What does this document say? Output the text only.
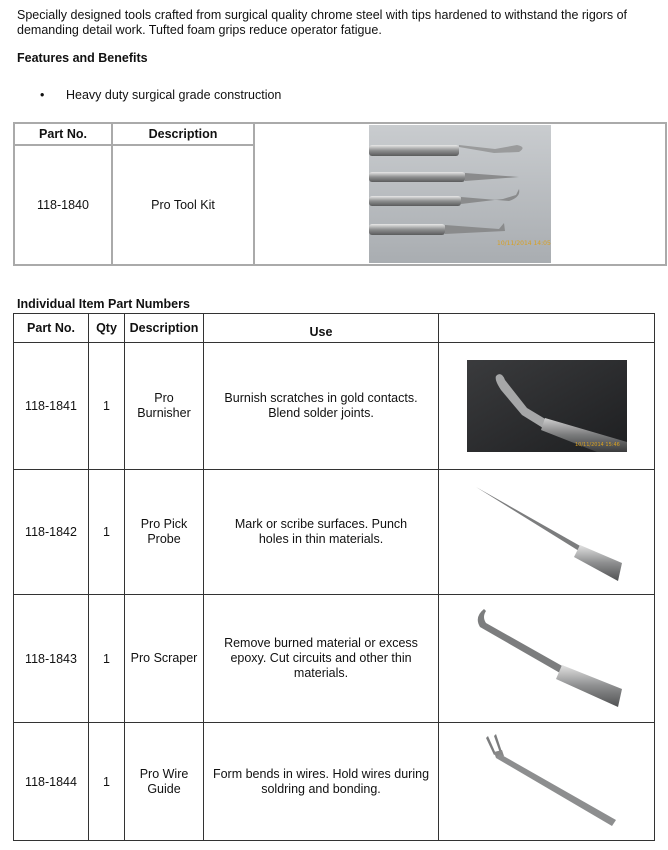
Specially designed tools crafted from surgical quality chrome steel with tips hardened to withstand the rigors of demanding detail work. Tufted foam grips reduce operator fatigue.
Features and Benefits
• Heavy duty surgical grade construction
Part No.	Description	10/11/2014 14:05

118-1840	Pro Tool Kit	
Individual Item Part Numbers
Part No.	Qty	Description	Use	
118-1841	1	Pro Burnisher	Burnish scratches in gold contacts. Blend solder joints.	10/11/2014 15:46

118-1842	1	Pro Pick Probe	Mark or scribe surfaces. Punch holes in thin materials.

118-1843	1	Pro Scraper	Remove burned material or excess epoxy. Cut circuits and other thin materials.

118-1844	1	Pro Wire Guide	Form bends in wires. Hold wires during soldring and bonding.
